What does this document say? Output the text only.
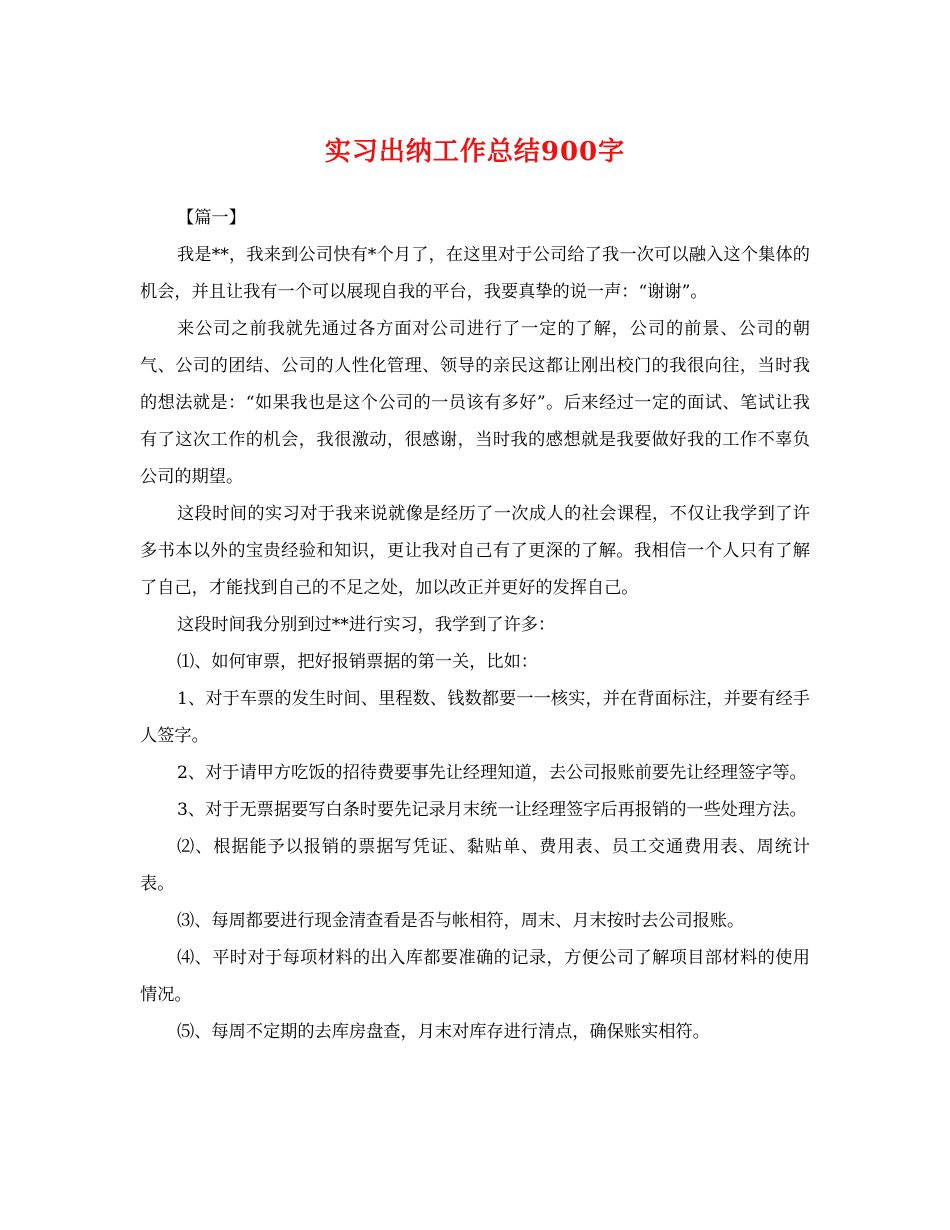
实习出纳工作总结900字

【篇一】

我是**，我来到公司快有*个月了，在这里对于公司给了我一次可以融入这个集体的机会，并且让我有一个可以展现自我的平台，我要真挚的说一声：“谢谢”。

来公司之前我就先通过各方面对公司进行了一定的了解，公司的前景、公司的朝气、公司的团结、公司的人性化管理、领导的亲民这都让刚出校门的我很向往，当时我的想法就是：“如果我也是这个公司的一员该有多好”。后来经过一定的面试、笔试让我有了这次工作的机会，我很激动，很感谢，当时我的感想就是我要做好我的工作不辜负公司的期望。

这段时间的实习对于我来说就像是经历了一次成人的社会课程，不仅让我学到了许多书本以外的宝贵经验和知识，更让我对自己有了更深的了解。我相信一个人只有了解了自己，才能找到自己的不足之处，加以改正并更好的发挥自己。

这段时间我分别到过**进行实习，我学到了许多：

⑴、如何审票，把好报销票据的第一关，比如：

1、对于车票的发生时间、里程数、钱数都要一一核实，并在背面标注，并要有经手人签字。

2、对于请甲方吃饭的招待费要事先让经理知道，去公司报账前要先让经理签字等。

3、对于无票据要写白条时要先记录月末统一让经理签字后再报销的一些处理方法。

⑵、根据能予以报销的票据写凭证、黏贴单、费用表、员工交通费用表、周统计表。

⑶、每周都要进行现金清查看是否与帐相符，周末、月末按时去公司报账。

⑷、平时对于每项材料的出入库都要准确的记录，方便公司了解项目部材料的使用情况。

⑸、每周不定期的去库房盘查，月末对库存进行清点，确保账实相符。
